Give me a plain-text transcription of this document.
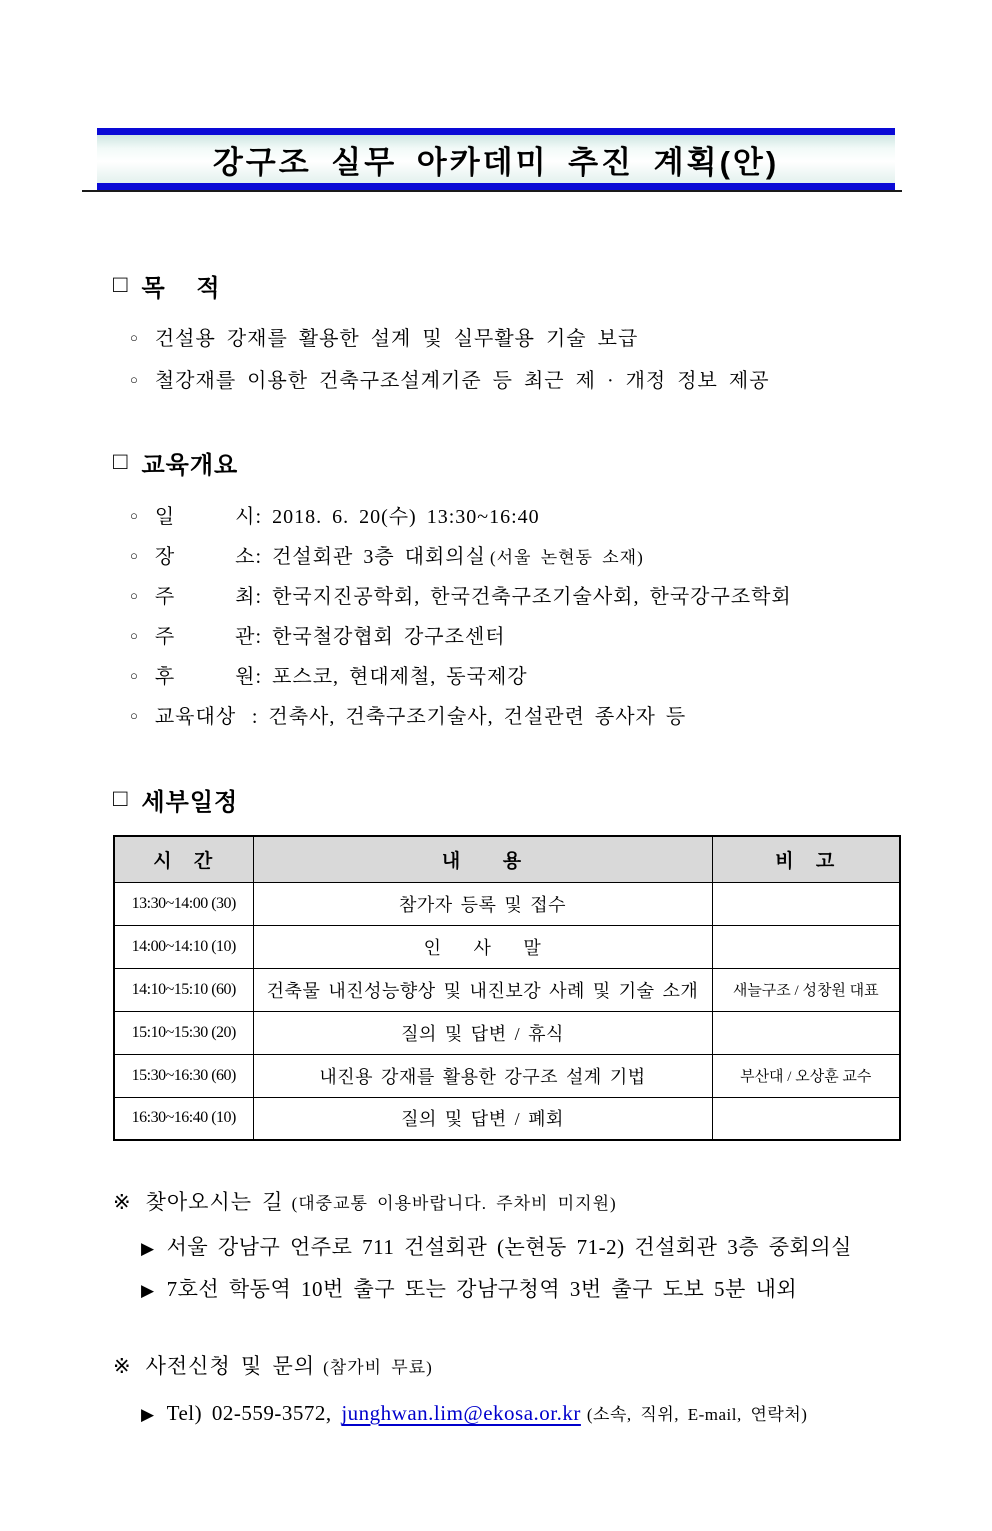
강구조 실무 아카데미 추진 계획(안)
□ 목    적
○ 건설용 강재를 활용한 설계 및 실무활용 기술 보급
○ 철강재를 이용한 건축구조설계기준 등 최근 제 · 개정 정보 제공
□ 교육개요
○ 일      시: 2018. 6. 20(수) 13:30~16:40
○ 장      소: 건설회관 3층 대회의실 (서울 논현동 소재)
○ 주      최: 한국지진공학회, 한국건축구조기술사회, 한국강구조학회
○ 주      관: 한국철강협회 강구조센터
○ 후      원: 포스코, 현대제철, 동국제강
○ 교육대상 : 건축사, 건축구조기술사, 건설관련 종사자 등
□ 세부일정
시   간	내      용	비   고
13:30~14:00 (30)	참가자 등록 및 접수	
14:00~14:10 (10)	인    사    말	
14:10~15:10 (60)	건축물 내진성능향상 및 내진보강 사례 및 기술 소개	새늘구조 / 성창원 대표
15:10~15:30 (20)	질의 및 답변 / 휴식	
15:30~16:30 (60)	내진용 강재를 활용한 강구조 설계 기법	부산대 / 오상훈 교수
16:30~16:40 (10)	질의 및 답변 / 폐회	
※ 찾아오시는 길 (대중교통 이용바랍니다. 주차비 미지원)
▶ 서울 강남구 언주로 711 건설회관 (논현동 71-2) 건설회관 3층 중회의실
▶ 7호선 학동역 10번 출구 또는 강남구청역 3번 출구 도보 5분 내외
※ 사전신청 및 문의 (참가비 무료)
▶ Tel) 02-559-3572, junghwan.lim@ekosa.or.kr (소속, 직위, E-mail, 연락처)
